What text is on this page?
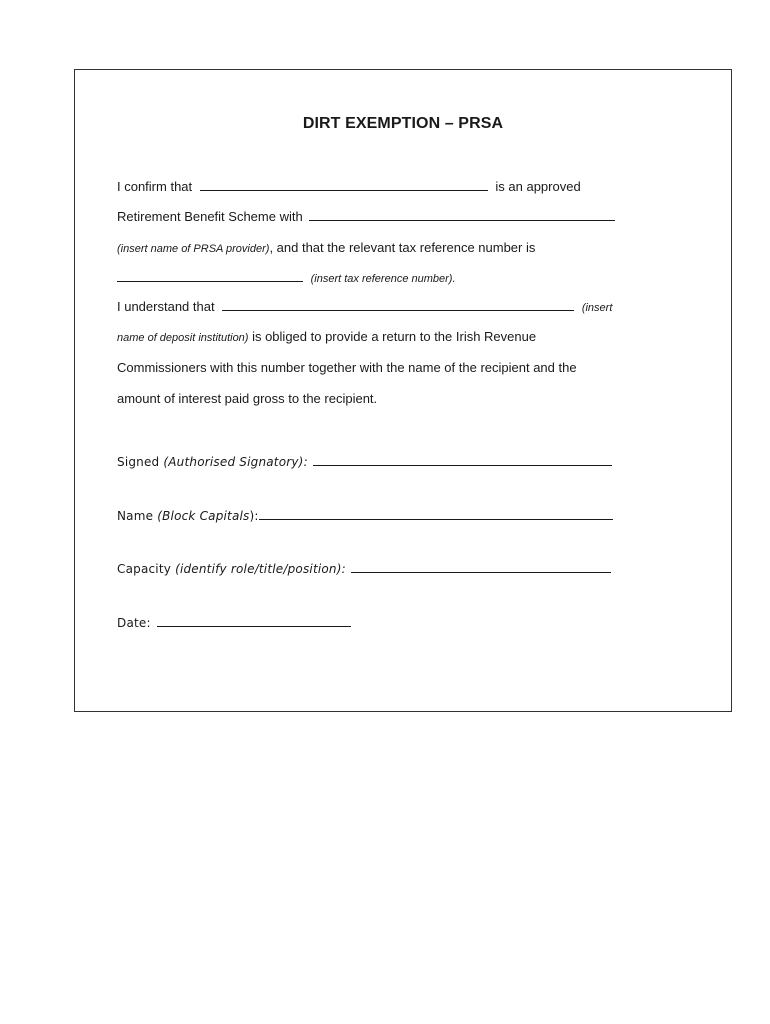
DIRT EXEMPTION – PRSA
I confirm that	is an approved
Retirement Benefit Scheme with
(insert name of PRSA provider), and that the relevant tax reference number is
(insert tax reference number).
I understand that	(insert
name of deposit institution) is obliged to provide a return to the Irish Revenue
Commissioners with this number together with the name of the recipient and the
amount of interest paid gross to the recipient.
Signed (Authorised Signatory):
Name (Block Capitals):
Capacity (identify role/title/position):
Date:
